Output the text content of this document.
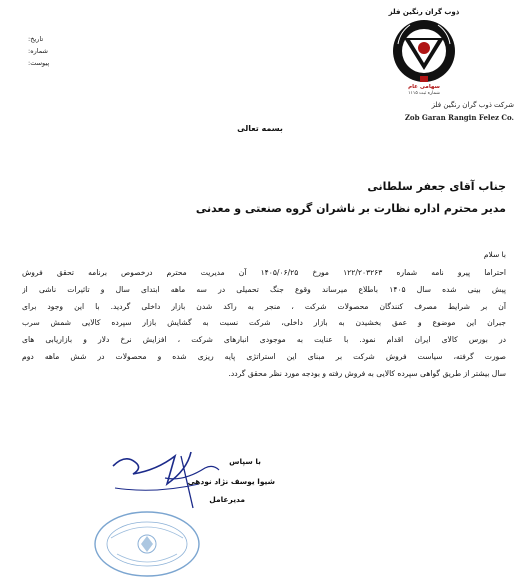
تاریخ:
شماره:
پیوست:
ذوب گران رنگین فلز
سهامی عام
شماره ثبت ۱۱۱۵
شرکت ذوب گران رنگین فلز
Zob Garan Rangin Felez Co.
بسمه تعالی
جناب آقای جعفر سلطانی
مدیر محترم اداره نظارت بر ناشران گروه صنعتی و معدنی
با سلام
احتراما پیرو نامه شماره ۱۲۲/۲۰۳۲۶۳ مورخ ۱۴۰۵/۰۶/۲۵ آن مدیریت محترم درخصوص برنامه تحقق فروش
پیش بینی شده سال ۱۴۰۵ باطلاع میرساند وقوع جنگ تحمیلی در سه ماهه ابتدای سال و تاثیرات ناشی از
آن بر شرایط مصرف کنندگان محصولات شرکت ، منجر به راکد شدن بازار داخلی گردید. با این وجود برای
جبران این موضوع و عمق بخشیدن به بازار داخلی، شرکت نسبت به گشایش بازار سپرده کالایی شمش سرب
در بورس کالای ایران اقدام نمود. با عنایت به موجودی انبارهای شرکت ، افزایش نرخ دلار و بازاریابی های
صورت گرفته، سیاست فروش شرکت بر مبنای این استراتژی پایه ریزی شده و محصولات در شش ماهه دوم
سال بیشتر از طریق گواهی سپرده کالایی به فروش رفته و بودجه مورد نظر محقق گردد.
با سپاس
شیوا یوسف نژاد نودهی
مدیرعامل
